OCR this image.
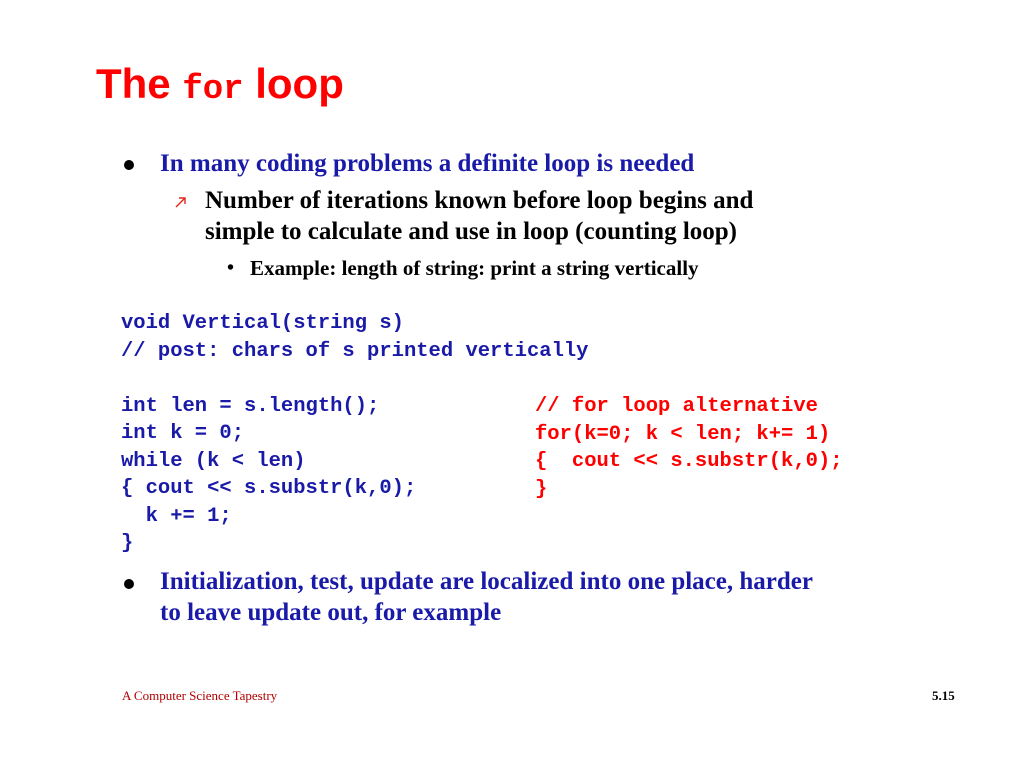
The for loop
In many coding problems a definite loop is needed
Number of iterations known before loop begins and
simple to calculate and use in loop (counting loop)
• Example: length of string: print a string vertically
void Vertical(string s)
// post: chars of s printed vertically
int len = s.length();
int k = 0;
while (k < len)
{ cout << s.substr(k,0);
k += 1;
}
// for loop alternative
for(k=0; k < len; k+= 1)
{  cout << s.substr(k,0);
}
Initialization, test, update are localized into one place, harder
to leave update out, for example
A Computer Science Tapestry	5.15
